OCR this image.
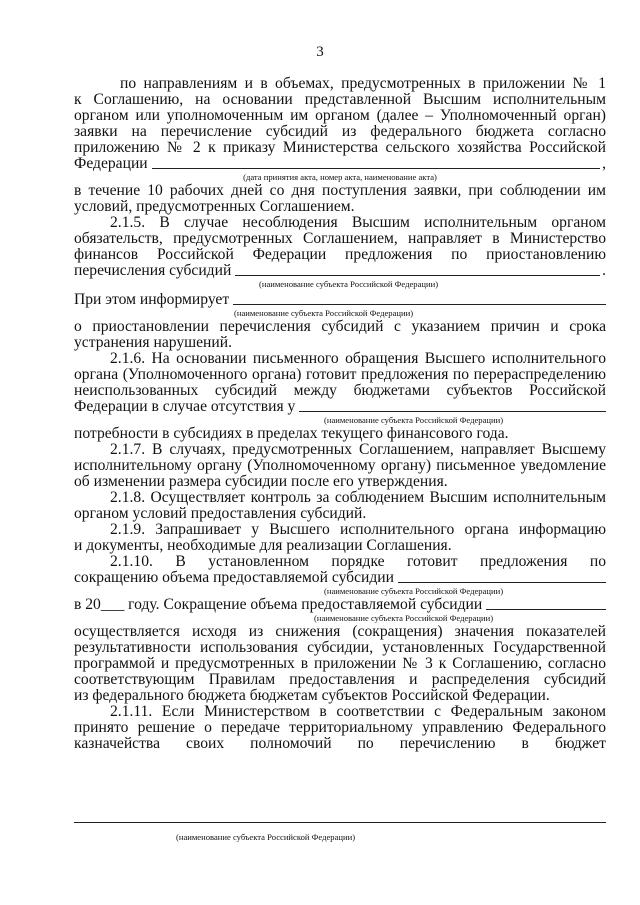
3
по направлениям и в объемах, предусмотренных в приложении № 1
к Соглашению, на основании представленной Высшим исполнительным
органом или уполномоченным им органом (далее – Уполномоченный орган)
заявки на перечисление субсидий из федерального бюджета согласно
приложению № 2 к приказу Министерства сельского хозяйства Российской
Федерации	,
(дата принятия акта, номер акта, наименование акта)
в течение 10 рабочих дней со дня поступления заявки, при соблюдении им
условий, предусмотренных Соглашением.
2.1.5. В случае несоблюдения Высшим исполнительным органом
обязательств, предусмотренных Соглашением, направляет в Министерство
финансов Российской Федерации предложения по приостановлению
перечисления субсидий	.
(наименование субъекта Российской Федерации)
При этом информирует
(наименование субъекта Российской Федерации)
о приостановлении перечисления субсидий с указанием причин и срока
устранения нарушений.
2.1.6. На основании письменного обращения Высшего исполнительного
органа (Уполномоченного органа) готовит предложения по перераспределению
неиспользованных субсидий между бюджетами субъектов Российской
Федерации в случае отсутствия у
(наименование субъекта Российской Федерации)
потребности в субсидиях в пределах текущего финансового года.
2.1.7. В случаях, предусмотренных Соглашением, направляет Высшему
исполнительному органу (Уполномоченному органу) письменное уведомление
об изменении размера субсидии после его утверждения.
2.1.8. Осуществляет контроль за соблюдением Высшим исполнительным
органом условий предоставления субсидий.
2.1.9. Запрашивает у Высшего исполнительного органа информацию
и документы, необходимые для реализации Соглашения.
2.1.10. В установленном порядке готовит предложения по
сокращению объема предоставляемой субсидии
(наименование субъекта Российской Федерации)
в 20___ году. Сокращение объема предоставляемой субсидии
(наименование субъекта Российской Федерации)
осуществляется исходя из снижения (сокращения) значения показателей
результативности использования субсидии, установленных Государственной
программой и предусмотренных в приложении № 3 к Соглашению, согласно
соответствующим Правилам предоставления и распределения субсидий
из федерального бюджета бюджетам субъектов Российской Федерации.
2.1.11. Если Министерством в соответствии с Федеральным законом
принято решение о передаче территориальному управлению Федерального
казначейства своих полномочий по перечислению в бюджет
(наименование субъекта Российской Федерации)
